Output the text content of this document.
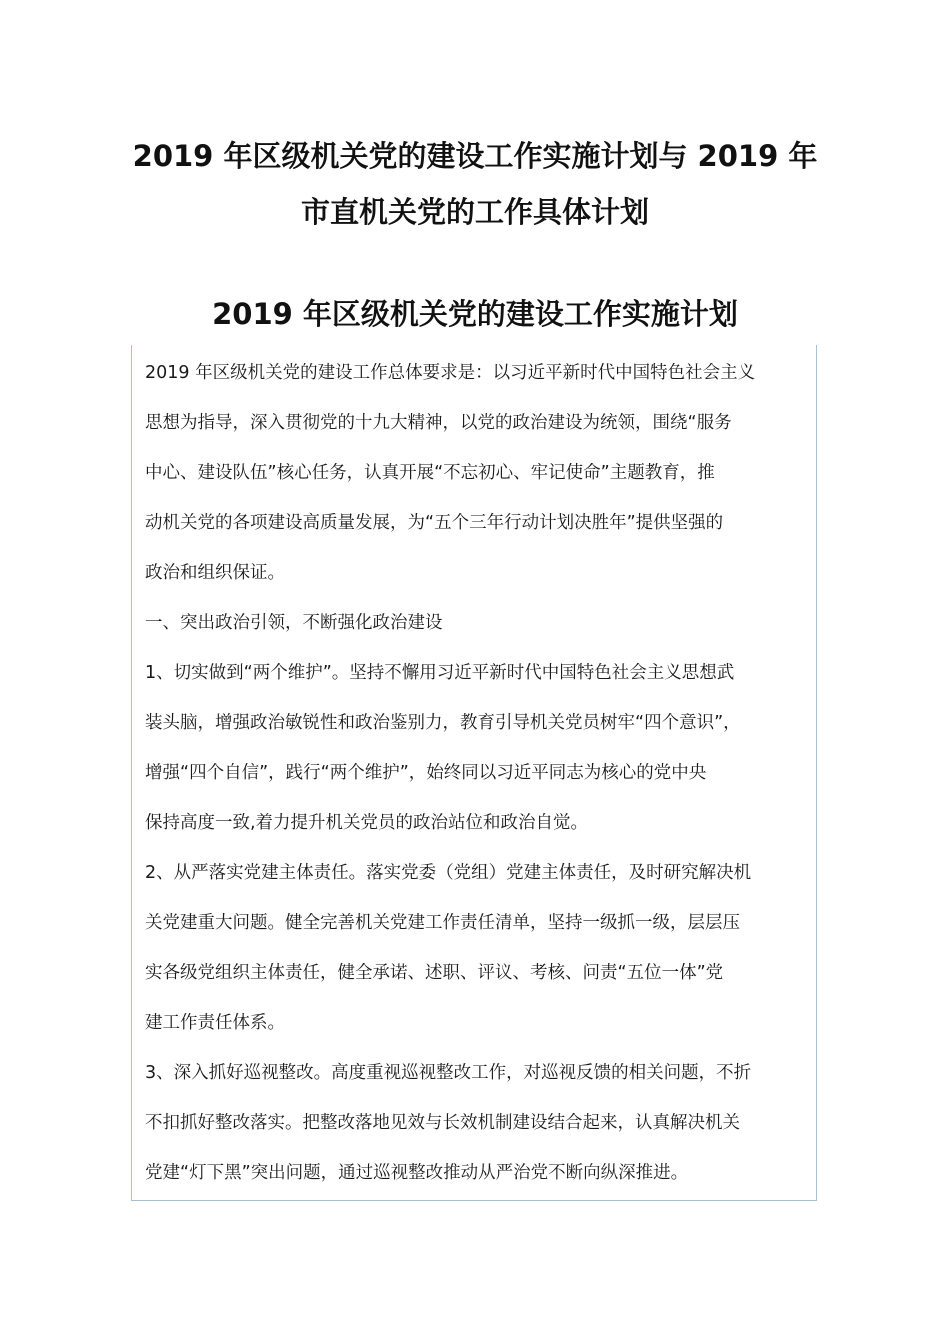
2019 年区级机关党的建设工作实施计划与 2019 年
市直机关党的工作具体计划
2019 年区级机关党的建设工作实施计划
2019 年区级机关党的建设工作总体要求是：以习近平新时代中国特色社会主义
思想为指导，深入贯彻党的十九大精神，以党的政治建设为统领，围绕“服务
中心、建设队伍”核心任务，认真开展“不忘初心、牢记使命”主题教育，推
动机关党的各项建设高质量发展，为“五个三年行动计划决胜年”提供坚强的
政治和组织保证。
一、突出政治引领，不断强化政治建设
1、切实做到“两个维护”。坚持不懈用习近平新时代中国特色社会主义思想武
装头脑，增强政治敏锐性和政治鉴别力，教育引导机关党员树牢“四个意识”，
增强“四个自信”，践行“两个维护”，始终同以习近平同志为核心的党中央
保持高度一致,着力提升机关党员的政治站位和政治自觉。
2、从严落实党建主体责任。落实党委（党组）党建主体责任，及时研究解决机
关党建重大问题。健全完善机关党建工作责任清单，坚持一级抓一级，层层压
实各级党组织主体责任，健全承诺、述职、评议、考核、问责“五位一体”党
建工作责任体系。
3、深入抓好巡视整改。高度重视巡视整改工作，对巡视反馈的相关问题，不折
不扣抓好整改落实。把整改落地见效与长效机制建设结合起来，认真解决机关
党建“灯下黑”突出问题，通过巡视整改推动从严治党不断向纵深推进。
